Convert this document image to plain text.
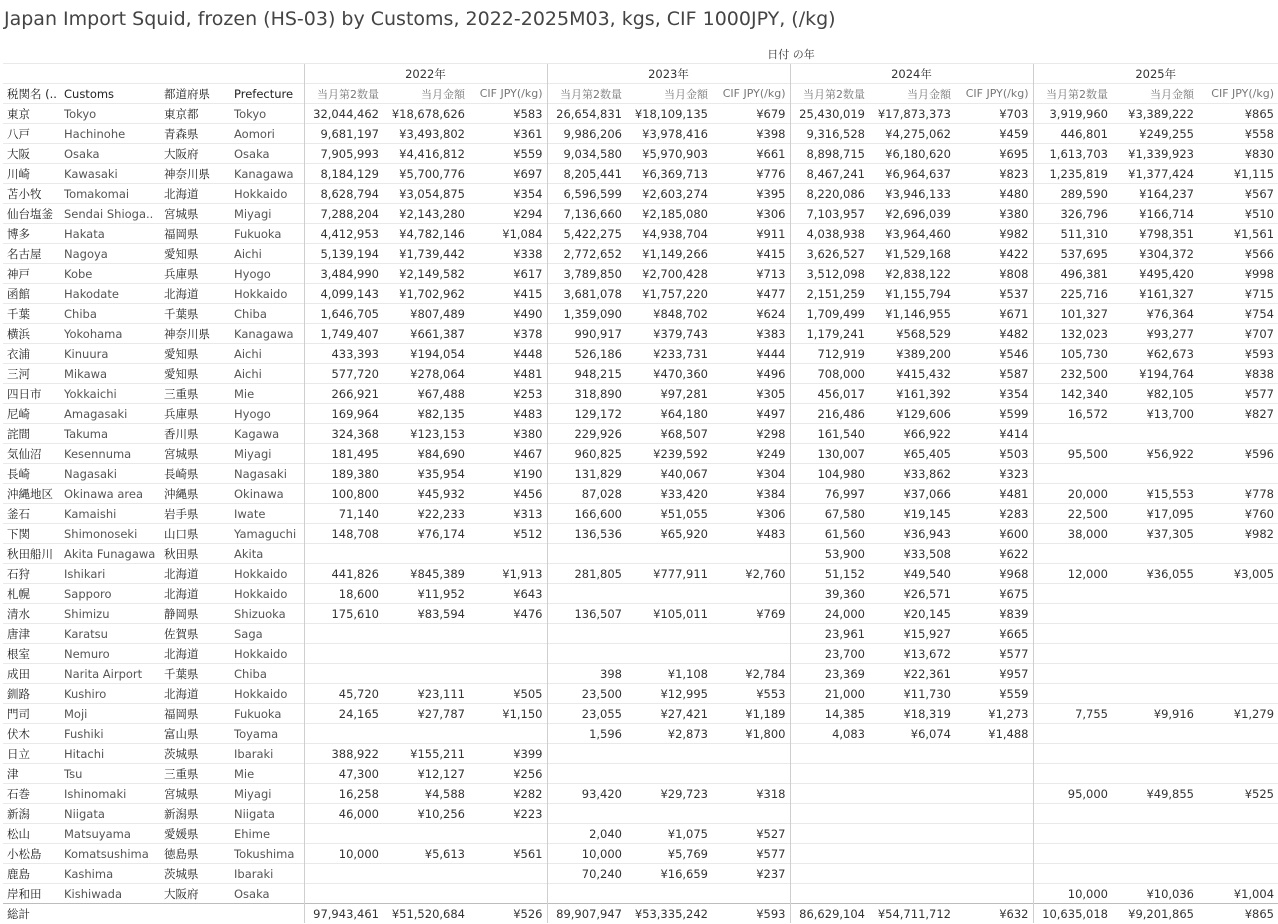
Japan Import Squid, frozen (HS-03) by Customs, 2022-2025M03, kgs, CIF 1000JPY, (/kg)
日付 の年
				2022年			2023年			2024年			2025年		
税関名 (..	Customs	都道府県	Prefecture	当月第2数量	当月金額	CIF JPY(/kg)	当月第2数量	当月金額	CIF JPY(/kg)	当月第2数量	当月金額	CIF JPY(/kg)	当月第2数量	当月金額	CIF JPY(/kg)
東京	Tokyo	東京都	Tokyo	32,044,462	¥18,678,626	¥583	26,654,831	¥18,109,135	¥679	25,430,019	¥17,873,373	¥703	3,919,960	¥3,389,222	¥865
八戸	Hachinohe	青森県	Aomori	9,681,197	¥3,493,802	¥361	9,986,206	¥3,978,416	¥398	9,316,528	¥4,275,062	¥459	446,801	¥249,255	¥558
大阪	Osaka	大阪府	Osaka	7,905,993	¥4,416,812	¥559	9,034,580	¥5,970,903	¥661	8,898,715	¥6,180,620	¥695	1,613,703	¥1,339,923	¥830
川崎	Kawasaki	神奈川県	Kanagawa	8,184,129	¥5,700,776	¥697	8,205,441	¥6,369,713	¥776	8,467,241	¥6,964,637	¥823	1,235,819	¥1,377,424	¥1,115
苫小牧	Tomakomai	北海道	Hokkaido	8,628,794	¥3,054,875	¥354	6,596,599	¥2,603,274	¥395	8,220,086	¥3,946,133	¥480	289,590	¥164,237	¥567
仙台塩釜	Sendai Shioga..	宮城県	Miyagi	7,288,204	¥2,143,280	¥294	7,136,660	¥2,185,080	¥306	7,103,957	¥2,696,039	¥380	326,796	¥166,714	¥510
博多	Hakata	福岡県	Fukuoka	4,412,953	¥4,782,146	¥1,084	5,422,275	¥4,938,704	¥911	4,038,938	¥3,964,460	¥982	511,310	¥798,351	¥1,561
名古屋	Nagoya	愛知県	Aichi	5,139,194	¥1,739,442	¥338	2,772,652	¥1,149,266	¥415	3,626,527	¥1,529,168	¥422	537,695	¥304,372	¥566
神戸	Kobe	兵庫県	Hyogo	3,484,990	¥2,149,582	¥617	3,789,850	¥2,700,428	¥713	3,512,098	¥2,838,122	¥808	496,381	¥495,420	¥998
函館	Hakodate	北海道	Hokkaido	4,099,143	¥1,702,962	¥415	3,681,078	¥1,757,220	¥477	2,151,259	¥1,155,794	¥537	225,716	¥161,327	¥715
千葉	Chiba	千葉県	Chiba	1,646,705	¥807,489	¥490	1,359,090	¥848,702	¥624	1,709,499	¥1,146,955	¥671	101,327	¥76,364	¥754
横浜	Yokohama	神奈川県	Kanagawa	1,749,407	¥661,387	¥378	990,917	¥379,743	¥383	1,179,241	¥568,529	¥482	132,023	¥93,277	¥707
衣浦	Kinuura	愛知県	Aichi	433,393	¥194,054	¥448	526,186	¥233,731	¥444	712,919	¥389,200	¥546	105,730	¥62,673	¥593
三河	Mikawa	愛知県	Aichi	577,720	¥278,064	¥481	948,215	¥470,360	¥496	708,000	¥415,432	¥587	232,500	¥194,764	¥838
四日市	Yokkaichi	三重県	Mie	266,921	¥67,488	¥253	318,890	¥97,281	¥305	456,017	¥161,392	¥354	142,340	¥82,105	¥577
尼崎	Amagasaki	兵庫県	Hyogo	169,964	¥82,135	¥483	129,172	¥64,180	¥497	216,486	¥129,606	¥599	16,572	¥13,700	¥827
詫間	Takuma	香川県	Kagawa	324,368	¥123,153	¥380	229,926	¥68,507	¥298	161,540	¥66,922	¥414			
気仙沼	Kesennuma	宮城県	Miyagi	181,495	¥84,690	¥467	960,825	¥239,592	¥249	130,007	¥65,405	¥503	95,500	¥56,922	¥596
長崎	Nagasaki	長崎県	Nagasaki	189,380	¥35,954	¥190	131,829	¥40,067	¥304	104,980	¥33,862	¥323			
沖縄地区	Okinawa area	沖縄県	Okinawa	100,800	¥45,932	¥456	87,028	¥33,420	¥384	76,997	¥37,066	¥481	20,000	¥15,553	¥778
釜石	Kamaishi	岩手県	Iwate	71,140	¥22,233	¥313	166,600	¥51,055	¥306	67,580	¥19,145	¥283	22,500	¥17,095	¥760
下関	Shimonoseki	山口県	Yamaguchi	148,708	¥76,174	¥512	136,536	¥65,920	¥483	61,560	¥36,943	¥600	38,000	¥37,305	¥982
秋田船川	Akita Funagawa	秋田県	Akita							53,900	¥33,508	¥622			
石狩	Ishikari	北海道	Hokkaido	441,826	¥845,389	¥1,913	281,805	¥777,911	¥2,760	51,152	¥49,540	¥968	12,000	¥36,055	¥3,005
札幌	Sapporo	北海道	Hokkaido	18,600	¥11,952	¥643				39,360	¥26,571	¥675			
清水	Shimizu	静岡県	Shizuoka	175,610	¥83,594	¥476	136,507	¥105,011	¥769	24,000	¥20,145	¥839			
唐津	Karatsu	佐賀県	Saga							23,961	¥15,927	¥665			
根室	Nemuro	北海道	Hokkaido							23,700	¥13,672	¥577			
成田	Narita Airport	千葉県	Chiba				398	¥1,108	¥2,784	23,369	¥22,361	¥957			
釧路	Kushiro	北海道	Hokkaido	45,720	¥23,111	¥505	23,500	¥12,995	¥553	21,000	¥11,730	¥559			
門司	Moji	福岡県	Fukuoka	24,165	¥27,787	¥1,150	23,055	¥27,421	¥1,189	14,385	¥18,319	¥1,273	7,755	¥9,916	¥1,279
伏木	Fushiki	富山県	Toyama				1,596	¥2,873	¥1,800	4,083	¥6,074	¥1,488			
日立	Hitachi	茨城県	Ibaraki	388,922	¥155,211	¥399									
津	Tsu	三重県	Mie	47,300	¥12,127	¥256									
石巻	Ishinomaki	宮城県	Miyagi	16,258	¥4,588	¥282	93,420	¥29,723	¥318				95,000	¥49,855	¥525
新潟	Niigata	新潟県	Niigata	46,000	¥10,256	¥223									
松山	Matsuyama	愛媛県	Ehime				2,040	¥1,075	¥527						
小松島	Komatsushima	徳島県	Tokushima	10,000	¥5,613	¥561	10,000	¥5,769	¥577						
鹿島	Kashima	茨城県	Ibaraki				70,240	¥16,659	¥237						
岸和田	Kishiwada	大阪府	Osaka										10,000	¥10,036	¥1,004
総計				97,943,461	¥51,520,684	¥526	89,907,947	¥53,335,242	¥593	86,629,104	¥54,711,712	¥632	10,635,018	¥9,201,865	¥865
